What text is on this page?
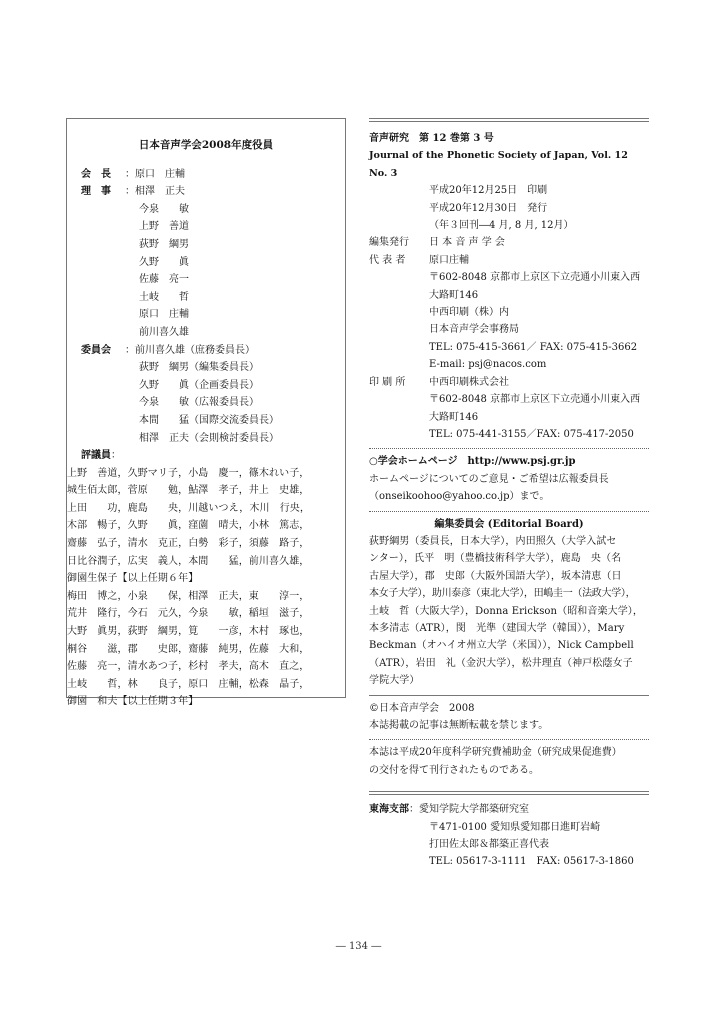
日本音声学会2008年度役員
会　長	： 原口　庄輔
理　事	： 相澤　正夫
今泉　　敏
上野　善道
荻野　綱男
久野　　眞
佐藤　亮一
土岐　　哲
原口　庄輔
前川喜久雄
委員会	： 前川喜久雄（庶務委員長）
荻野　綱男（編集委員長）
久野　　眞（企画委員長）
今泉　　敏（広報委員長）
本間　　猛（国際交流委員長）
相澤　正夫（会則検討委員長）
評議員 ：
上野　善道，久野マリ子，小島　慶一，篠木れい子，
城生佰太郎，菅原　　勉，鮎澤　孝子，井上　史雄，
上田　　功，鹿島　　央，川越いつえ，木川　行央，
木部　暢子，久野　　眞，窪薗　晴夫，小林　篤志，
齋藤　弘子，清水　克正，白勢　彩子，須藤　路子，
日比谷潤子，広実　義人，本間　　猛，前川喜久雄，
御園生保子【以上任期６年】
梅田　博之，小泉　　保，相澤　正夫，東　　淳一，
荒井　隆行，今石　元久，今泉　　敏，稲垣　滋子，
大野　眞男，荻野　綱男，筧　　一彦，木村　琢也，
桐谷　　滋，郡　　史郎，齋藤　純男，佐藤　大和，
佐藤　亮一，清水あつ子，杉村　孝夫，高木　直之，
土岐　　哲，林　　良子，原口　庄輔，松森　晶子，
御園　和夫【以上任期３年】
音声研究　第 12 巻第 3 号
Journal of the Phonetic Society of Japan, Vol. 12 No. 3
平成20年12月25日　印刷
平成20年12月30日　発行
（年３回刊―4 月, 8 月, 12月）
編集発行	日 本 音 声 学 会
代 表 者	原口庄輔
〒602-8048 京都市上京区下立売通小川東入西
大路町146
中西印刷（株）内
日本音声学会事務局
TEL: 075-415-3661／ FAX: 075-415-3662
E-mail: psj@nacos.com
印 刷 所	中西印刷株式会社
〒602-8048 京都市上京区下立売通小川東入西
大路町146
TEL: 075-441-3155／FAX: 075-417-2050
○学会ホームページ　http://www.psj.gr.jp
ホームページについてのご意見・ご希望は広報委員長
（onseikoohoo@yahoo.co.jp）まで。
編集委員会 (Editorial Board)
荻野綱男（委員長，日本大学），内田照久（大学入試セ
ンター），氏平　明（豊橋技術科学大学），鹿島　央（名
古屋大学），郡　史郎（大阪外国語大学），坂本清恵（日
本女子大学），助川泰彦（東北大学），田嶋圭一（法政大学），
土岐　哲（大阪大学），Donna Erickson（昭和音楽大学），
本多清志（ATR），閔　光準（建国大学（韓国）），Mary
Beckman（オハイオ州立大学（米国）），Nick Campbell
（ATR），岩田　礼（金沢大学），松井理直（神戸松蔭女子
学院大学）
©日本音声学会　2008
本誌掲載の記事は無断転載を禁じます。
本誌は平成20年度科学研究費補助金（研究成果促進費）
の交付を得て刊行されたものである。
東海支部 ： 愛知学院大学都築研究室
〒471-0100 愛知県愛知郡日進町岩崎
打田佐太郎＆都築正喜代表
TEL: 05617-3-1111　FAX: 05617-3-1860
― 134 ―
